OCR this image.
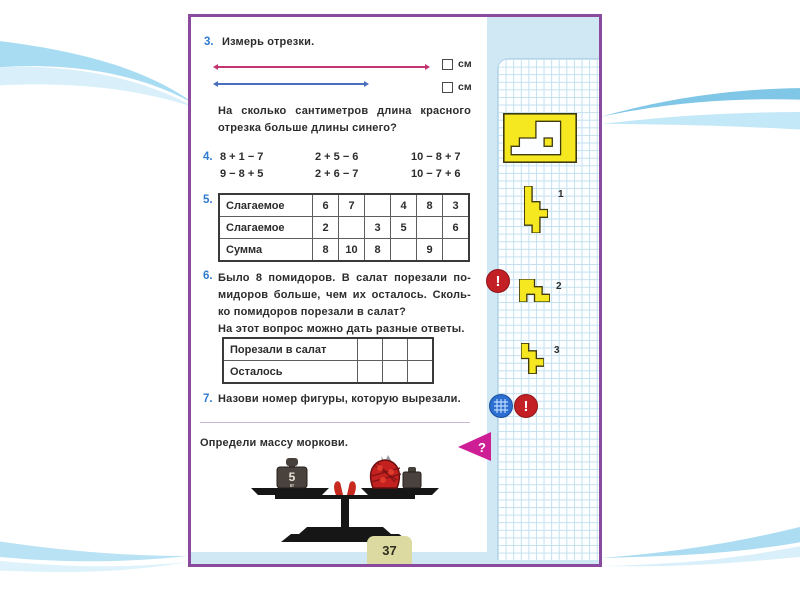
3. Измерь отрезки.
см
см
На сколько сантиметров длина красного
отрезка больше длины синего?
4. 8 + 1 − 7	2 + 5 − 6	10 − 8 + 7
9 − 8 + 5	2 + 6 − 7	10 − 7 + 6
5. Слагаемое	6	7		4	8	3
Слагаемое	2		3	5		6
Сумма	8	10	8		9	
6. Было 8 помидоров. В салат порезали по-
мидоров больше, чем их осталось. Сколь-
ко помидоров порезали в салат?
На этот вопрос можно дать разные ответы.
Порезали в салат			
Осталось			
7. Назови номер фигуры, которую вырезали.
Определи массу моркови.
5
кг
37
1
!	2
3
!
?
